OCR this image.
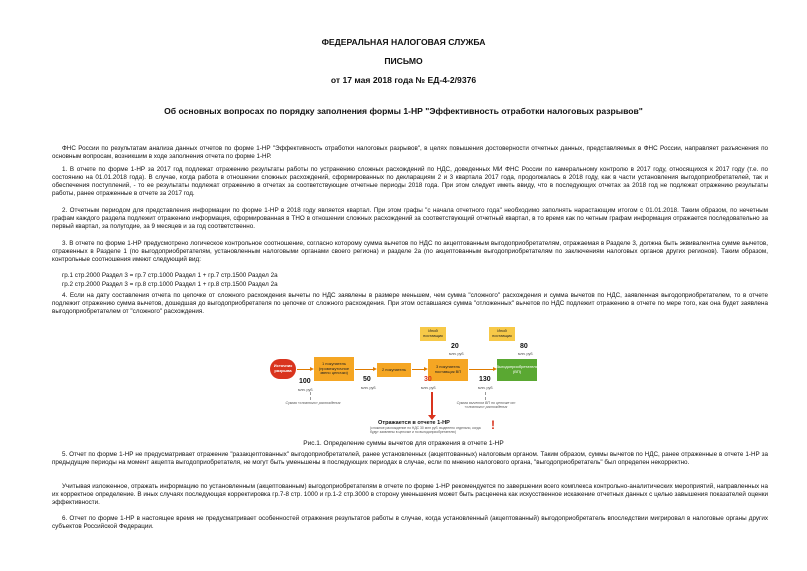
ФЕДЕРАЛЬНАЯ НАЛОГОВАЯ СЛУЖБА
ПИСЬМО
от 17 мая 2018 года № ЕД-4-2/9376
Об основных вопросах по порядку заполнения формы 1-НР "Эффективность отработки налоговых разрывов"

ФНС России по результатам анализа данных отчетов по форме 1-НР "Эффективность отработки налоговых разрывов", в целях повышения достоверности отчетных данных, представляемых в ФНС России, направляет разъяснения по основным вопросам, возникшим в ходе заполнения отчета по форме 1-НР.

1. В отчете по форме 1-НР за 2017 год подлежат отражению результаты работы по устранению сложных расхождений по НДС, доведенных МИ ФНС России по камеральному контролю в 2017 году, относящихся к 2017 году (т.е. по состоянию на 01.01.2018 года). В случае, когда работа в отношении сложных расхождений, сформированных по декларациям 2 и 3 квартала 2017 года, продолжалась в 2018 году, как в части установления выгодоприобретателей, так и обеспечения поступлений, - то ее результаты подлежат отражению в отчетах за соответствующие отчетные периоды 2018 года. При этом следует иметь ввиду, что в последующих отчетах за 2018 год не подлежат отражению результаты работы, ранее отраженные в отчете за 2017 год.

2. Отчетным периодом для представления информации по форме 1-НР в 2018 году является квартал. При этом графы "с начала отчетного года" необходимо заполнять нарастающим итогом с 01.01.2018. Таким образом, по нечетным графам каждого раздела подлежит отражению информация, сформированная в ТНО в отношении сложных расхождений за соответствующий отчетный квартал, в то время как по четным графам информация отражается последовательно за первый квартал, за полугодие, за 9 месяцев и за год соответственно.

3. В отчете по форме 1-НР предусмотрено логическое контрольное соотношение, согласно которому сумма вычетов по НДС по акцептованным выгодоприобретателям, отражаемая в Разделе 3, должна быть эквивалентна сумме вычетов, отраженных в Разделе 1 (по выгодоприобретателям, установленным налоговыми органами своего региона) и разделе 2а (по акцептованным выгодоприобретателям по заключениям налоговых органов других регионов). Таким образом, контрольные соотношения имеют следующий вид:

гр.1 стр.2000 Раздел 3 = гр.7 стр.1000 Раздел 1 + гр.7 стр.1500 Раздел 2а

гр.2 стр.2000 Раздел 3 = гр.8 стр.1000 Раздел 1 + гр.8 стр.1500 Раздел 2а

4. Если на дату составления отчета по цепочке от сложного расхождения вычеты по НДС заявлены в размере меньшем, чем сумма "сложного" расхождения и сумма вычетов по НДС, заявленная выгодоприобретателем, то в отчете подлежит отражению сумма вычетов, дошедшая до выгодоприобретателя по цепочке от сложного расхождения. При этом оставшаяся сумма "отложенных" вычетов по НДС подлежит отражению в отчете по мере того, как она будет заявлена выгодоприобретателем от "сложного" расхождения.

Источник разрыва
1 покупатель (промежуточное звено цепочки)
2 покупатель	3 покупатель поставщик ВП
Выгодоприобретатель (ВП)
Иной поставщик
Иной поставщик
100
млн. руб.
50
млн. руб.
30
млн. руб.
130
млн. руб.
20
млн. руб.
80
млн. руб.
Сумма «сложного» расхождения	Сумма вычетов ВП по цепочке от «сложного» расхождения
Отражается в отчете 1-НР
(сложное расхождение по НДС 30 млн руб. выделено отдельно, когда будут заявлены в цепочке и по выгодоприобретателю)	!
Рис.1. Определение суммы вычетов для отражения в отчете 1-НР

5. Отчет по форме 1-НР не предусматривает отражение "разакцептованных" выгодоприобретателей, ранее установленных (акцептованных) налоговым органом. Таким образом, суммы вычетов по НДС, ранее отраженные в отчете 1-НР за предыдущие периоды на момент акцепта выгодоприобретателя, не могут быть уменьшены в последующих периодах в случае, если по мнению налогового органа, "выгодоприобретатель" был определен некорректно.

Учитывая изложенное, отражать информацию по установленным (акцептованным) выгодоприобретателям в отчете по форме 1-НР рекомендуется по завершении всего комплекса контрольно-аналитических мероприятий, направленных на их корректное определение. В иных случаях последующая корректировка гр.7-8 стр. 1000 и гр.1-2 стр.3000 в сторону уменьшения может быть расценена как искусственное искажение отчетных данных с целью завышения показателей оценки эффективности.

6. Отчет по форме 1-НР в настоящее время не предусматривает особенностей отражения результатов работы в случае, когда установленный (акцептованный) выгодоприобретатель впоследствии мигрировал в налоговые органы других субъектов Российской Федерации.
